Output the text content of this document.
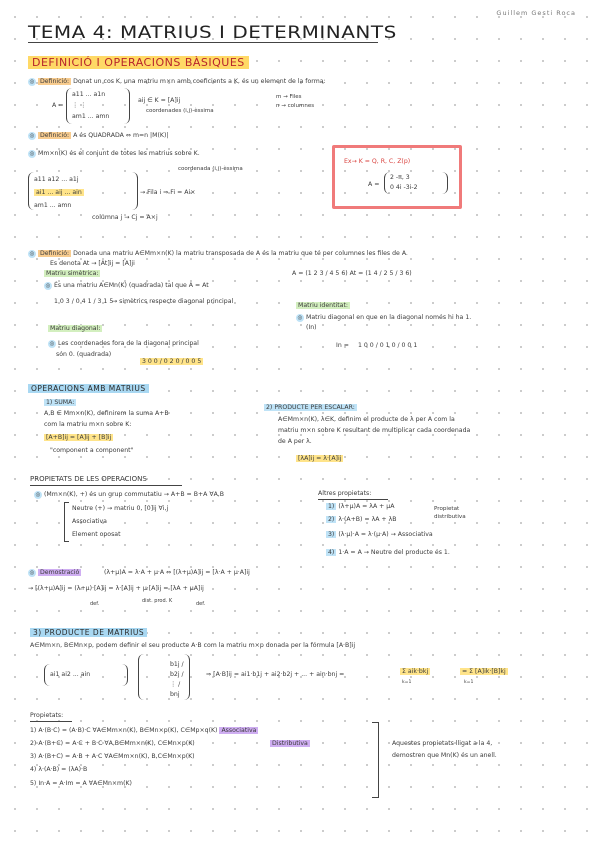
Guillem Gesti Roca
TEMA 4: MATRIUS I DETERMINANTS
DEFINICIÓ I OPERACIONS BÀSIQUES
◎ Definició: Donat un cos K, una matriu m×n amb coeficients a K, és un element de la forma:
A =
a11 ... a1n
⋮ ⋮
am1 ... amn
aij ∈ K = [A]ij
coordenades (i,j)-èssima
m → Files
n → columnes
◎ Definició: A és QUADRADA ⇔ m=n |M(K)|
◎ Mm×n(K) és el conjunt de totes les matrius sobre K.
coordenada (i,j)-èssima
a11 a12 ... a1j
ai1 ... aij ... ain
am1 ... amn
→ Fila i ⇒ Fi = Ai×
columna j → Cj = A×j
Ex→ K = Q, R, C, Z(p)
A =
2 -π, 3
0 4i -3i-2
◎ Definició: Donada una matriu A∈Mm×n(K) la matriu transposada de A és la matriu que té per columnes les files de A.
Es denota At → [At]ij = [A]ji
A = (1 2 3 / 4 5 6) At = (1 4 / 2 5 / 3 6)
Matriu simètrica:
◎ És una matriu A∈Mn(K) (quadrada) tal que A = At
1 0 3 / 0 4 1 / 3 1 5
→ simètrics respecte diagonal principal
Matriu identitat:
◎ Matriu diagonal en que en la diagonal només hi ha 1.
(In)
In = 1 0 0 / 0 1 0 / 0 0 1
Matriu diagonal:
◎ Les coordenades fora de la diagonal principal
són 0. (quadrada)
3 0 0 / 0 2 0 / 0 0 5
OPERACIONS AMB MATRIUS
1) SUMA:
A,B ∈ Mm×n(K), definirem la suma A+B
com la matriu m×n sobre K:
[A+B]ij = [A]ij + [B]ij
"component a component"
2) PRODUCTE PER ESCALAR:
A∈Mm×n(K), λ∈K, definim el producte de λ per A com la
matriu m×n sobre K resultant de multiplicar cada coordenada
de A per λ.
[λA]ij = λ·[A]ij
PROPIETATS DE LES OPERACIONS
◎ (Mm×n(K), +) és un grup commutatiu → A+B = B+A ∀A,B
Neutre (+) → matriu 0, [0]ij ∀i,j
Associativa
Element oposat
Altres propietats:
1) (λ+μ)A = λA + μA
2) λ·(A+B) = λA + λB
Propietat distributiva
3) (λ·μ)·A = λ·(μ·A) → Associativa
4) 1·A = A → Neutre del producte és 1.
◎ Demostració	(λ+μ)A = λ·A + μ·A ⇔ [(λ+μ)A]ij = [λ·A + μ·A]ij
→ [(λ+μ)A]ij = (λ+μ)·[A]ij = λ·[A]ij + μ·[A]ij = [λA + μA]ij
def.	dist. prod. K	def.
3) PRODUCTE DE MATRIUS
A∈Mm×n, B∈Mn×p, podem definir el seu producte A·B com la matriu m×p donada per la fórmula [A·B]ij
ai1 ai2 ... ain
b1j / b2j / ⋮ / bnj
⇒ [A·B]ij = ai1·b1j + ai2·b2j + ... + ain·bnj =	Σ aik·bkj	= Σ [A]ik·[B]kj
k=1	k=1
Propietats:
1) A·(B·C) = (A·B)·C ∀A∈Mm×n(K), B∈Mn×p(K), C∈Mp×q(K) Associativa
2) A·(B+C) = A·C + B·C ∀A,B∈Mm×n(K), C∈Mn×p(K)	Distributiva
3) A·(B+C) = A·B + A·C ∀A∈Mm×n(K), B,C∈Mn×p(K)
4) λ·(A·B) = (λA)·B
5) In·A = A·Im = A ∀A∈Mn×m(K)
Aquestes propietats lligat a la 4,
demostren que Mn(K) és un anell.
